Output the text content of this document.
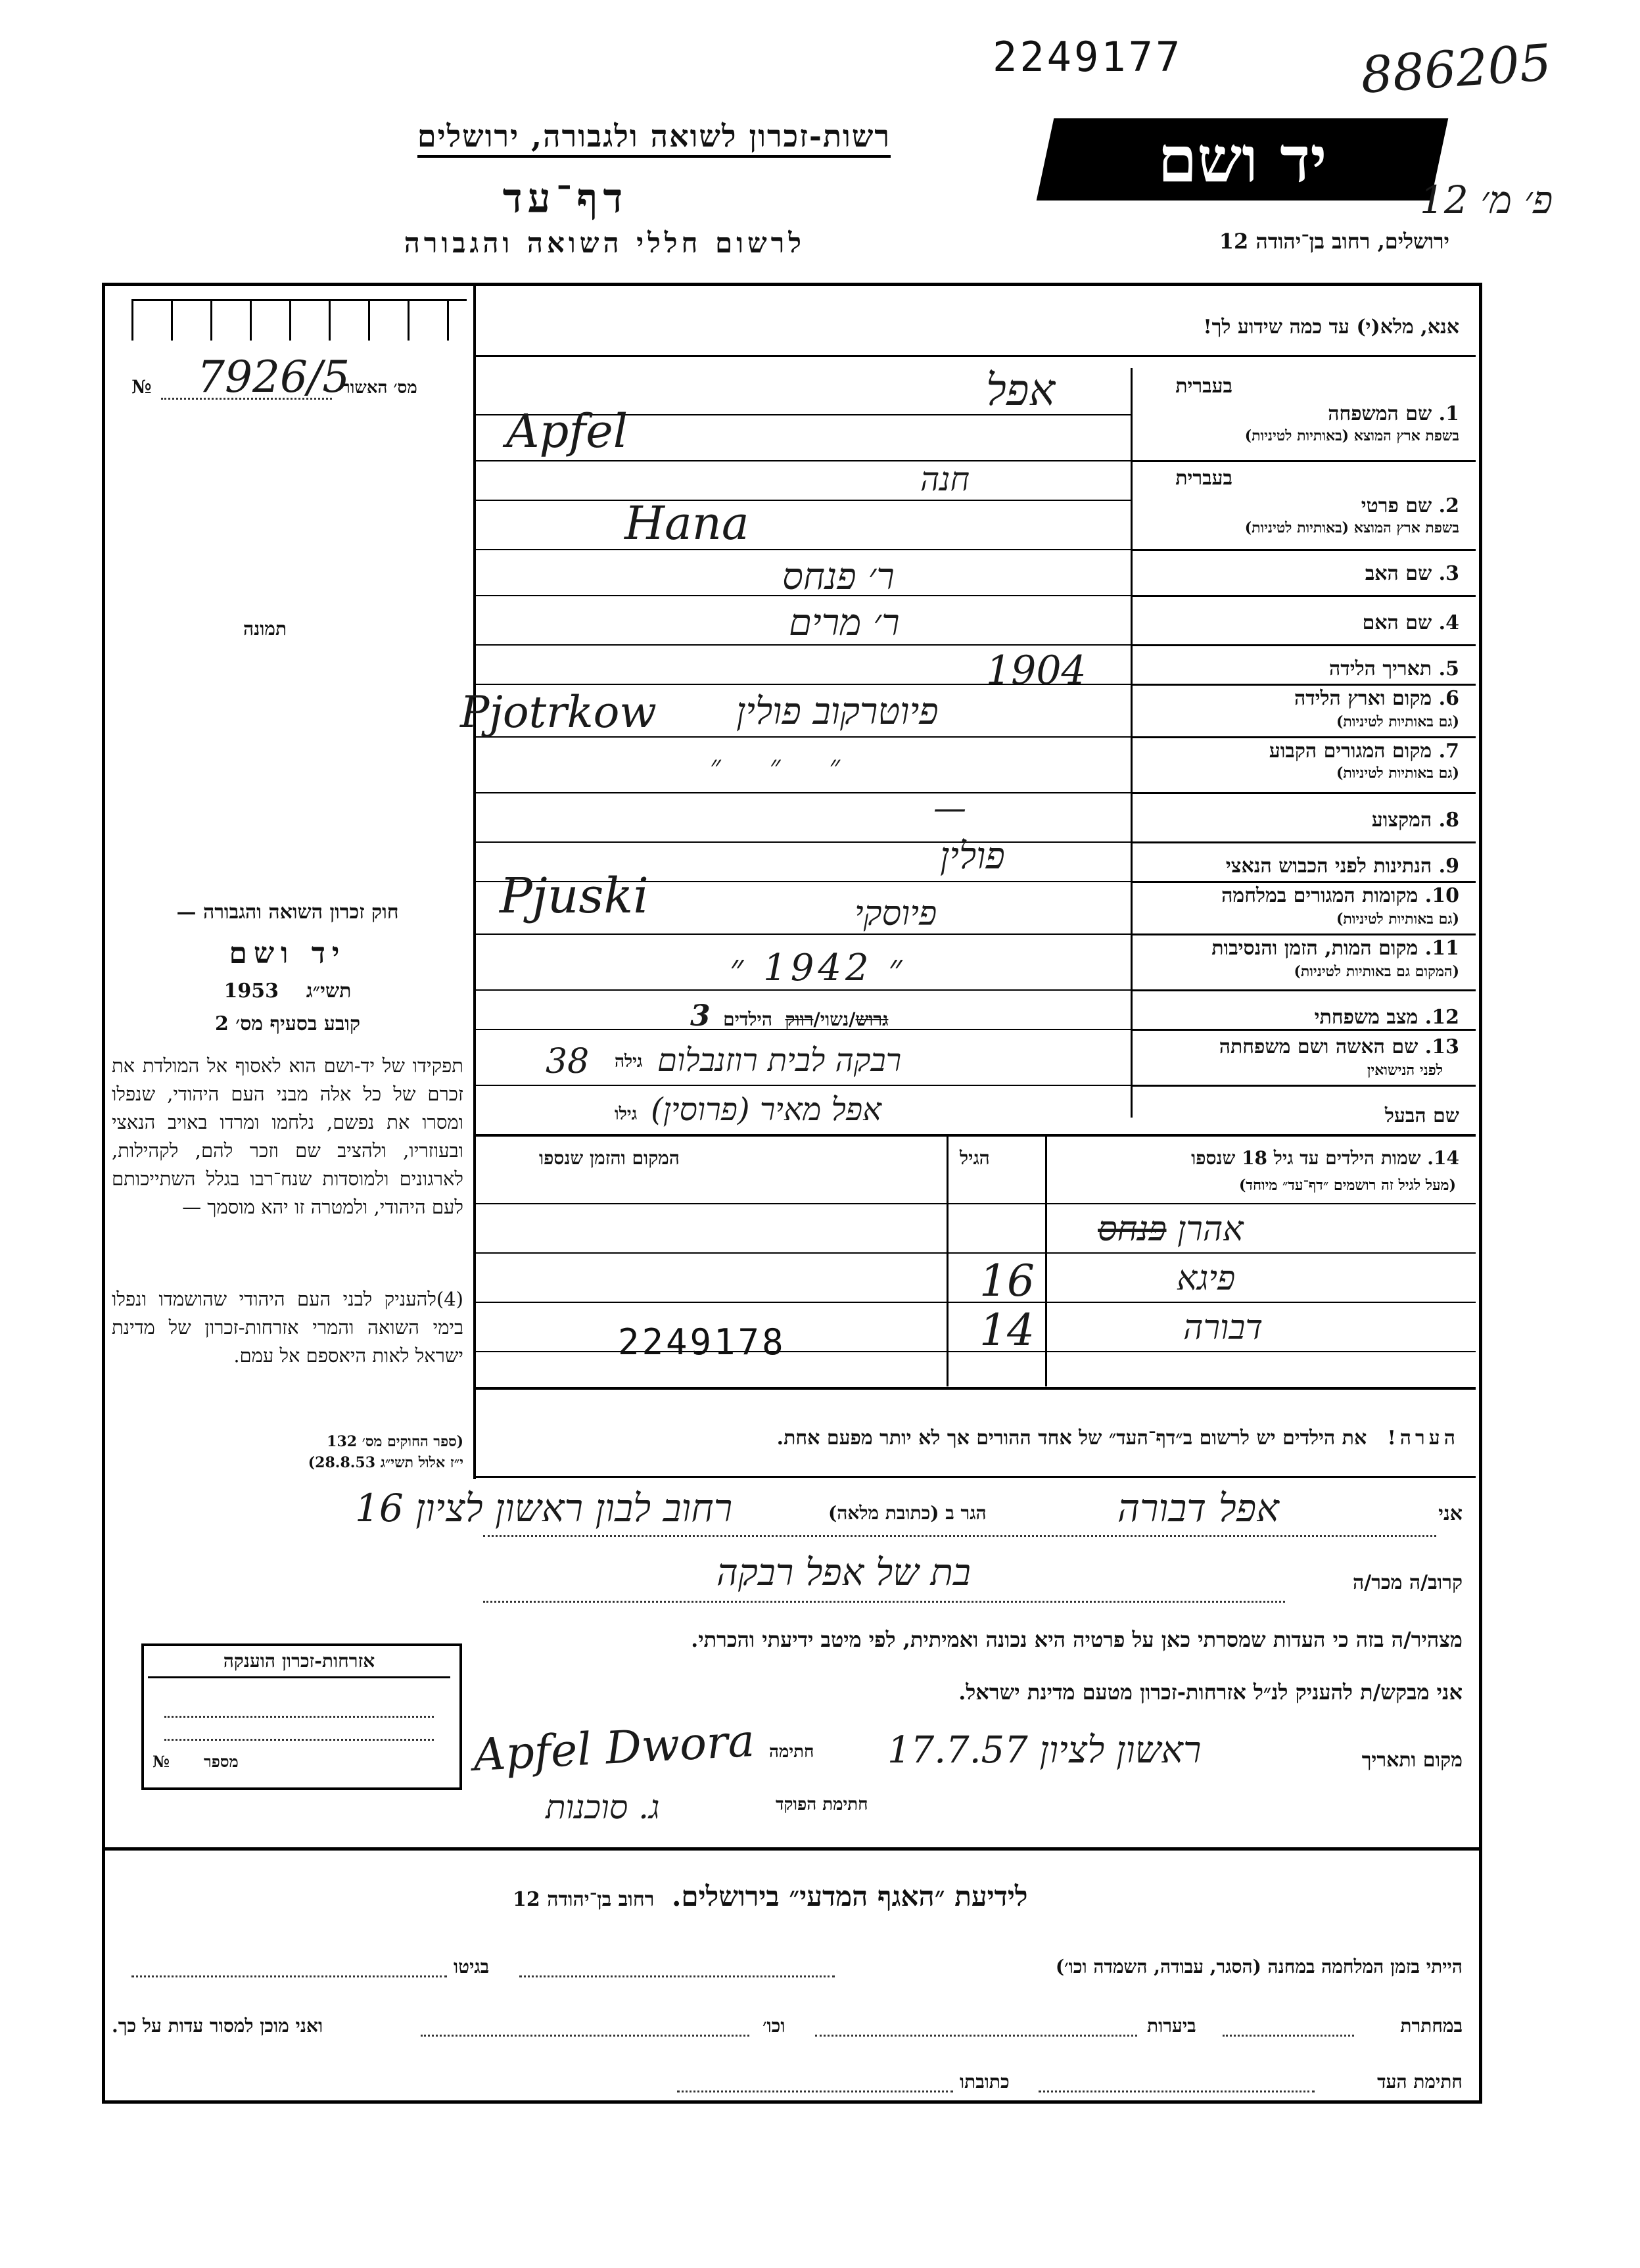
2249177	886205
רשות-זכרון לשואה ולגבורה, ירושלים
דף־עד
לרשום חללי השואה והגבורה
יד ושם
פ׳ מ׳ 12
ירושלים, רחוב בן־יהודה 12
מס׳ האשור
№ 7926/5
תמונה
חוק זכרון השואה והגבורה —
יד ושם
1953 תשי״ג
קובע בסעיף מס׳ 2
תפקידו של יד-ושם הוא לאסוף אל המולדת את זכרם של כל אלה מבני העם היהודי, שנפלו ומסרו את נפשם, נלחמו ומרדו באויב הנאצי ובעוזריו, ולהציב שם וזכר להם, לקהילות, לארגונים ולמוסדות שנח־רבו בגלל השתייכותם לעם היהודי, ולמטרה זו יהא מוסמך —
(4)להעניק לבני העם היהודי שהושמדו ונפלו בימי השואה והמרי אזרחות-זכרון של מדינת ישראל לאות היאספם אל עמם.
(ספר החוקים מס׳ 132
י״ז אלול תשי״ג 28.8.53)
אזרחות-זכרון הוענקה
מספר
№
אנא, מלא(י) עד כמה שידוע לך!
בעברית
בעברית
1. שם המשפחה
בשפת ארץ המוצא (באותיות לטיניות)
2. שם פרטי
בשפת ארץ המוצא (באותיות לטיניות)
3. שם האב
4. שם האם
5. תאריך הלידה
6. מקום וארץ הלידה
(גם באותיות לטיניות)
7. מקום המגורים הקבוע
(גם באותיות לטיניות)
8. המקצוע
9. הנתינות לפני הכבוש הנאצי
10. מקומות המגורים במלחמה
(גם באותיות לטיניות)
11. מקום המות, הזמן והנסיבות
(המקום גם באותיות לטיניות)
12. מצב משפחתי
13. שם האשה ושם משפחתה
לפני הנישואין
שם הבעל
אפל
Apfel
חנה
Hana
ר׳ פנחס
ר׳ מרים
1904
Pjotrkow פיוטרקוב פולין
״ ״ ״
—
פולין
פיוסקי
Pjuski
״ 1942 ״
גרוש/נשוי/רווק  הילדים  3
רבקה לבית רוזנבלום
גילה
38
אפל מאיר (פרוסין)
גילו
14. שמות הילדים עד גיל 18 שנספו
(מעל לגיל זה רושמים ״דף־עד״ מיוחד)
הגיל
המקום והזמן שנספו
אהרן פנחס
פיגא
16
דבורה
14
2249178
הערה!   את הילדים יש לרשום ב״דף־העד״ של אחד ההורים אך לא יותר מפעם אחת.
אני
אפל דבורה
הגר ב (כתובת מלאה)
רחוב לבון ראשון לציון 16
קרוב/ה מכר/ה
בת של אפל רבקה
מצהיר/ה בזה כי העדות שמסרתי כאן על פרטיה היא נכונה ואמיתית, לפי מיטב ידיעתי והכרתי.
אני מבקש/ת להעניק לנ״ל אזרחות-זכרון מטעם מדינת ישראל.
מקום ותאריך
ראשון לציון 17.7.57
חתימה
Apfel Dwora
חתימת הפוקד
ג. סוכנות
לידיעת ״האגף המדעי״ בירושלים.  רחוב בן־יהודה 12
הייתי בזמן המלחמה במחנה (הסגר, עבודה, השמדה וכו׳)
בגיטו
במחתרת
ביערות
וכו׳
ואני מוכן למסור עדות על כך.
חתימת העד
כתובתו
